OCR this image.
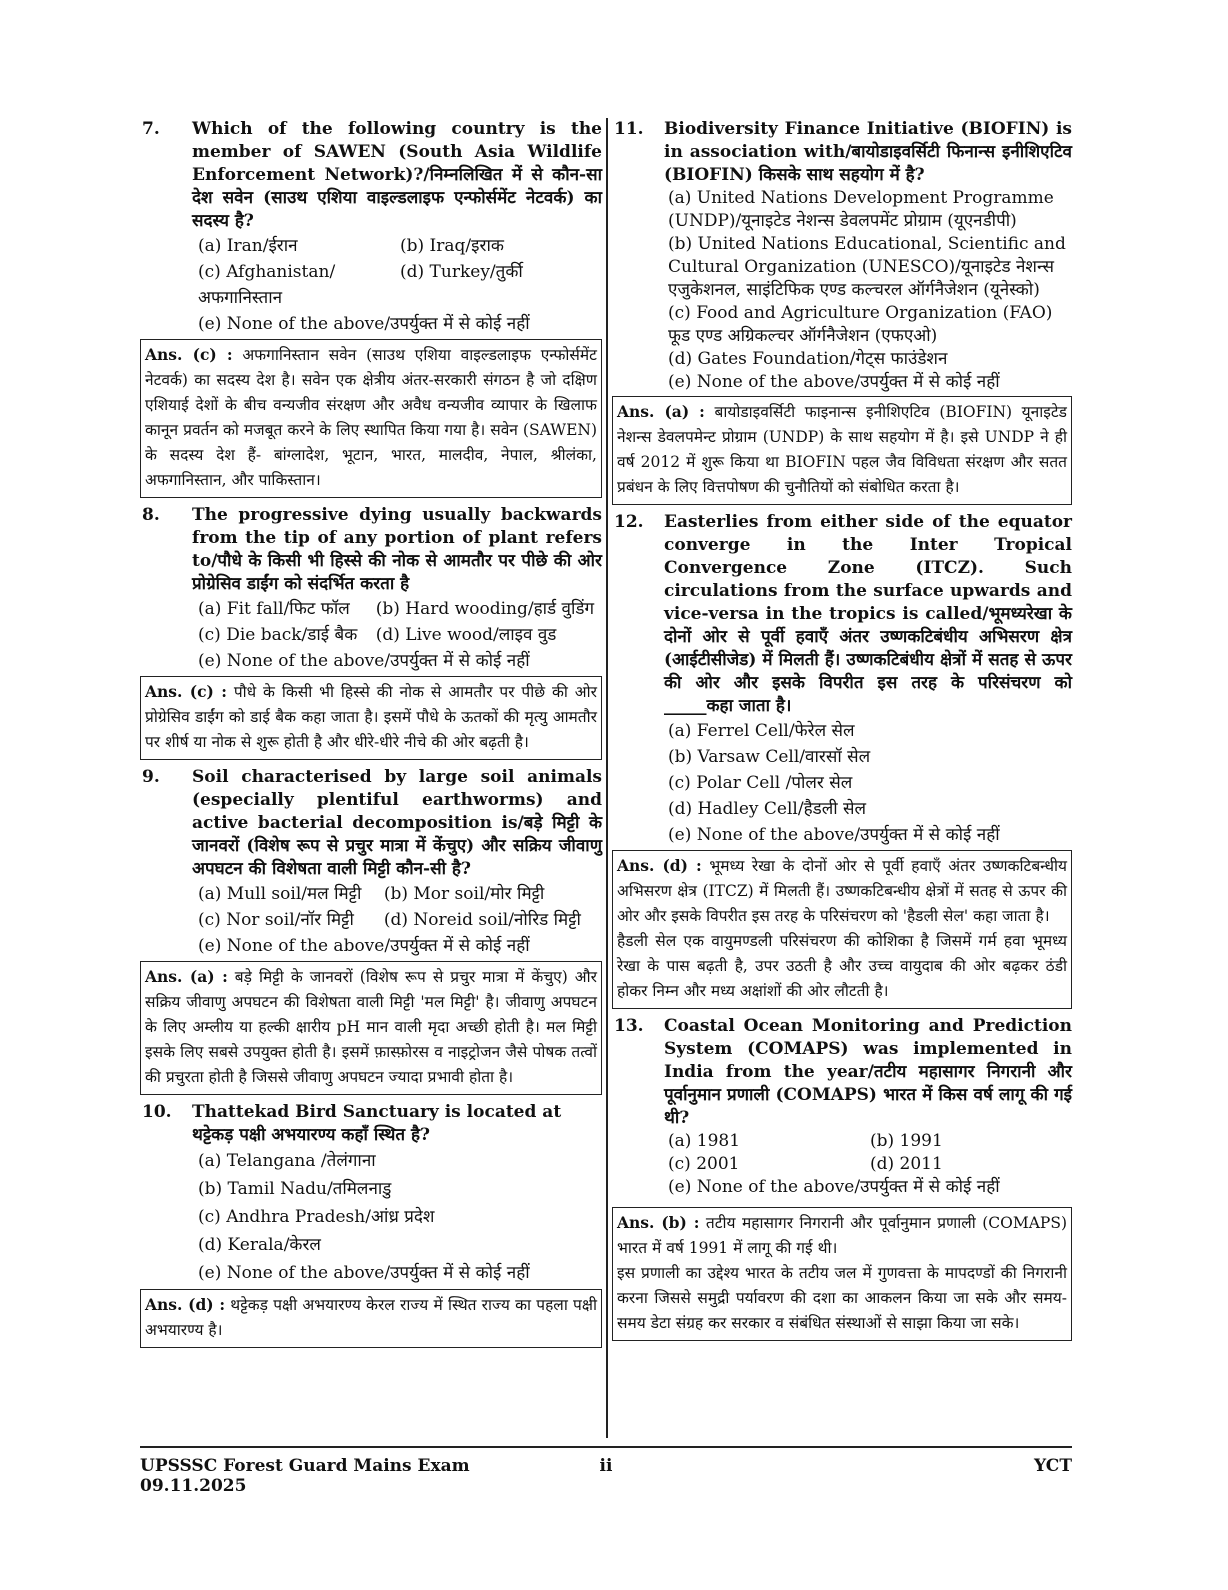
7.	Which of the following country is the member of SAWEN (South Asia Wildlife Enforcement Network)?/निम्नलिखित में से कौन-सा देश सवेन (साउथ एशिया वाइल्डलाइफ एन्फोर्समेंट नेटवर्क) का सदस्य है?
(a) Iran/ईरान	(b) Iraq/इराक
(c) Afghanistan/अफगानिस्तान
(d) Turkey/तुर्की
(e) None of the above/उपर्युक्त में से कोई नहीं
Ans. (c) : अफगानिस्तान सवेन (साउथ एशिया वाइल्डलाइफ एन्फोर्समेंट नेटवर्क) का सदस्य देश है। सवेन एक क्षेत्रीय अंतर-सरकारी संगठन है जो दक्षिण एशियाई देशों के बीच वन्यजीव संरक्षण और अवैध वन्यजीव व्यापार के खिलाफ कानून प्रवर्तन को मजबूत करने के लिए स्थापित किया गया है। सवेन (SAWEN) के सदस्य देश हैं- बांग्लादेश, भूटान, भारत, मालदीव, नेपाल, श्रीलंका, अफगानिस्तान, और पाकिस्तान।
8.	The progressive dying usually backwards from the tip of any portion of plant refers to/पौधे के किसी भी हिस्से की नोक से आमतौर पर पीछे की ओर प्रोग्रेसिव डाईंग को संदर्भित करता है
(a) Fit fall/फिट फॉल	(b) Hard wooding/हार्ड वुडिंग
(c) Die back/डाई बैक	(d) Live wood/लाइव वुड
(e) None of the above/उपर्युक्त में से कोई नहीं
Ans. (c) : पौधे के किसी भी हिस्से की नोक से आमतौर पर पीछे की ओर प्रोग्रेसिव डाईंग को डाई बैक कहा जाता है। इसमें पौधे के ऊतकों की मृत्यु आमतौर पर शीर्ष या नोक से शुरू होती है और धीरे-धीरे नीचे की ओर बढ़ती है।
9.	Soil characterised by large soil animals (especially plentiful earthworms) and active bacterial decomposition is/बड़े मिट्टी के जानवरों (विशेष रूप से प्रचुर मात्रा में केंचुए) और सक्रिय जीवाणु अपघटन की विशेषता वाली मिट्टी कौन-सी है?
(a) Mull soil/मल मिट्टी	(b) Mor soil/मोर मिट्टी
(c) Nor soil/नॉर मिट्टी	(d) Noreid soil/नोरिड मिट्टी
(e) None of the above/उपर्युक्त में से कोई नहीं
Ans. (a) : बड़े मिट्टी के जानवरों (विशेष रूप से प्रचुर मात्रा में केंचुए) और सक्रिय जीवाणु अपघटन की विशेषता वाली मिट्टी 'मल मिट्टी' है। जीवाणु अपघटन के लिए अम्लीय या हल्की क्षारीय pH मान वाली मृदा अच्छी होती है। मल मिट्टी इसके लिए सबसे उपयुक्त होती है। इसमें फ़ास्फ़ोरस व नाइट्रोजन जैसे पोषक तत्वों की प्रचुरता होती है जिससे जीवाणु अपघटन ज्यादा प्रभावी होता है।
10.	Thattekad Bird Sanctuary is located at थट्टेकड़ पक्षी अभयारण्य कहाँ स्थित है?
(a) Telangana /तेलंगाना
(b) Tamil Nadu/तमिलनाडु
(c) Andhra Pradesh/आंध्र प्रदेश
(d) Kerala/केरल
(e) None of the above/उपर्युक्त में से कोई नहीं
Ans. (d) : थट्टेकड़ पक्षी अभयारण्य केरल राज्य में स्थित राज्य का पहला पक्षी अभयारण्य है।
11.	Biodiversity Finance Initiative (BIOFIN) is in association with/बायोडाइवर्सिटी फिनान्स इनीशिएटिव (BIOFIN) किसके साथ सहयोग में है?
(a) United Nations Development Programme (UNDP)/यूनाइटेड नेशन्स डेवलपमेंट प्रोग्राम (यूएनडीपी)
(b) United Nations Educational, Scientific and Cultural Organization (UNESCO)/यूनाइटेड नेशन्स एजुकेशनल, साइंटिफिक एण्ड कल्चरल ऑर्गनैजेशन (यूनेस्को)
(c) Food and Agriculture Organization (FAO) फूड एण्ड अग्रिकल्चर ऑर्गनैजेशन (एफएओ)
(d) Gates Foundation/गेट्स फाउंडेशन
(e) None of the above/उपर्युक्त में से कोई नहीं
Ans. (a) : बायोडाइवर्सिटी फाइनान्स इनीशिएटिव (BIOFIN) यूनाइटेड नेशन्स डेवलपमेन्ट प्रोग्राम (UNDP) के साथ सहयोग में है। इसे UNDP ने ही वर्ष 2012 में शुरू किया था BIOFIN पहल जैव विविधता संरक्षण और सतत प्रबंधन के लिए वित्तपोषण की चुनौतियों को संबोधित करता है।
12.	Easterlies from either side of the equator converge in the Inter Tropical Convergence Zone (ITCZ). Such circulations from the surface upwards and vice-versa in the tropics is called/भूमध्यरेखा के दोनों ओर से पूर्वी हवाएँ अंतर उष्णकटिबंधीय अभिसरण क्षेत्र (आईटीसीजेड) में मिलती हैं। उष्णकटिबंधीय क्षेत्रों में सतह से ऊपर की ओर और इसके विपरीत इस तरह के परिसंचरण को _____कहा जाता है।
(a) Ferrel Cell/फेरेल सेल
(b) Varsaw Cell/वारसॉ सेल
(c) Polar Cell /पोलर सेल
(d) Hadley Cell/हैडली सेल
(e) None of the above/उपर्युक्त में से कोई नहीं
Ans. (d) : भूमध्य रेखा के दोनों ओर से पूर्वी हवाएँ अंतर उष्णकटिबन्धीय अभिसरण क्षेत्र (ITCZ) में मिलती हैं। उष्णकटिबन्धीय क्षेत्रों में सतह से ऊपर की ओर और इसके विपरीत इस तरह के परिसंचरण को 'हैडली सेल' कहा जाता है।
हैडली सेल एक वायुमण्डली परिसंचरण की कोशिका है जिसमें गर्म हवा भूमध्य रेखा के पास बढ़ती है, उपर उठती है और उच्च वायुदाब की ओर बढ़कर ठंडी होकर निम्न और मध्य अक्षांशों की ओर लौटती है।
13.	Coastal Ocean Monitoring and Prediction System (COMAPS) was implemented in India from the year/तटीय महासागर निगरानी और पूर्वानुमान प्रणाली (COMAPS) भारत में किस वर्ष लागू की गई थी?
(a) 1981	(b) 1991
(c) 2001	(d) 2011
(e) None of the above/उपर्युक्त में से कोई नहीं
Ans. (b) : तटीय महासागर निगरानी और पूर्वानुमान प्रणाली (COMAPS) भारत में वर्ष 1991 में लागू की गई थी।
इस प्रणाली का उद्देश्य भारत के तटीय जल में गुणवत्ता के मापदण्डों की निगरानी करना जिससे समुद्री पर्यावरण की दशा का आकलन किया जा सके और समय-समय डेटा संग्रह कर सरकार व संबंधित संस्थाओं से साझा किया जा सके।
UPSSSC Forest Guard Mains Exam 09.11.2025
ii	YCT
